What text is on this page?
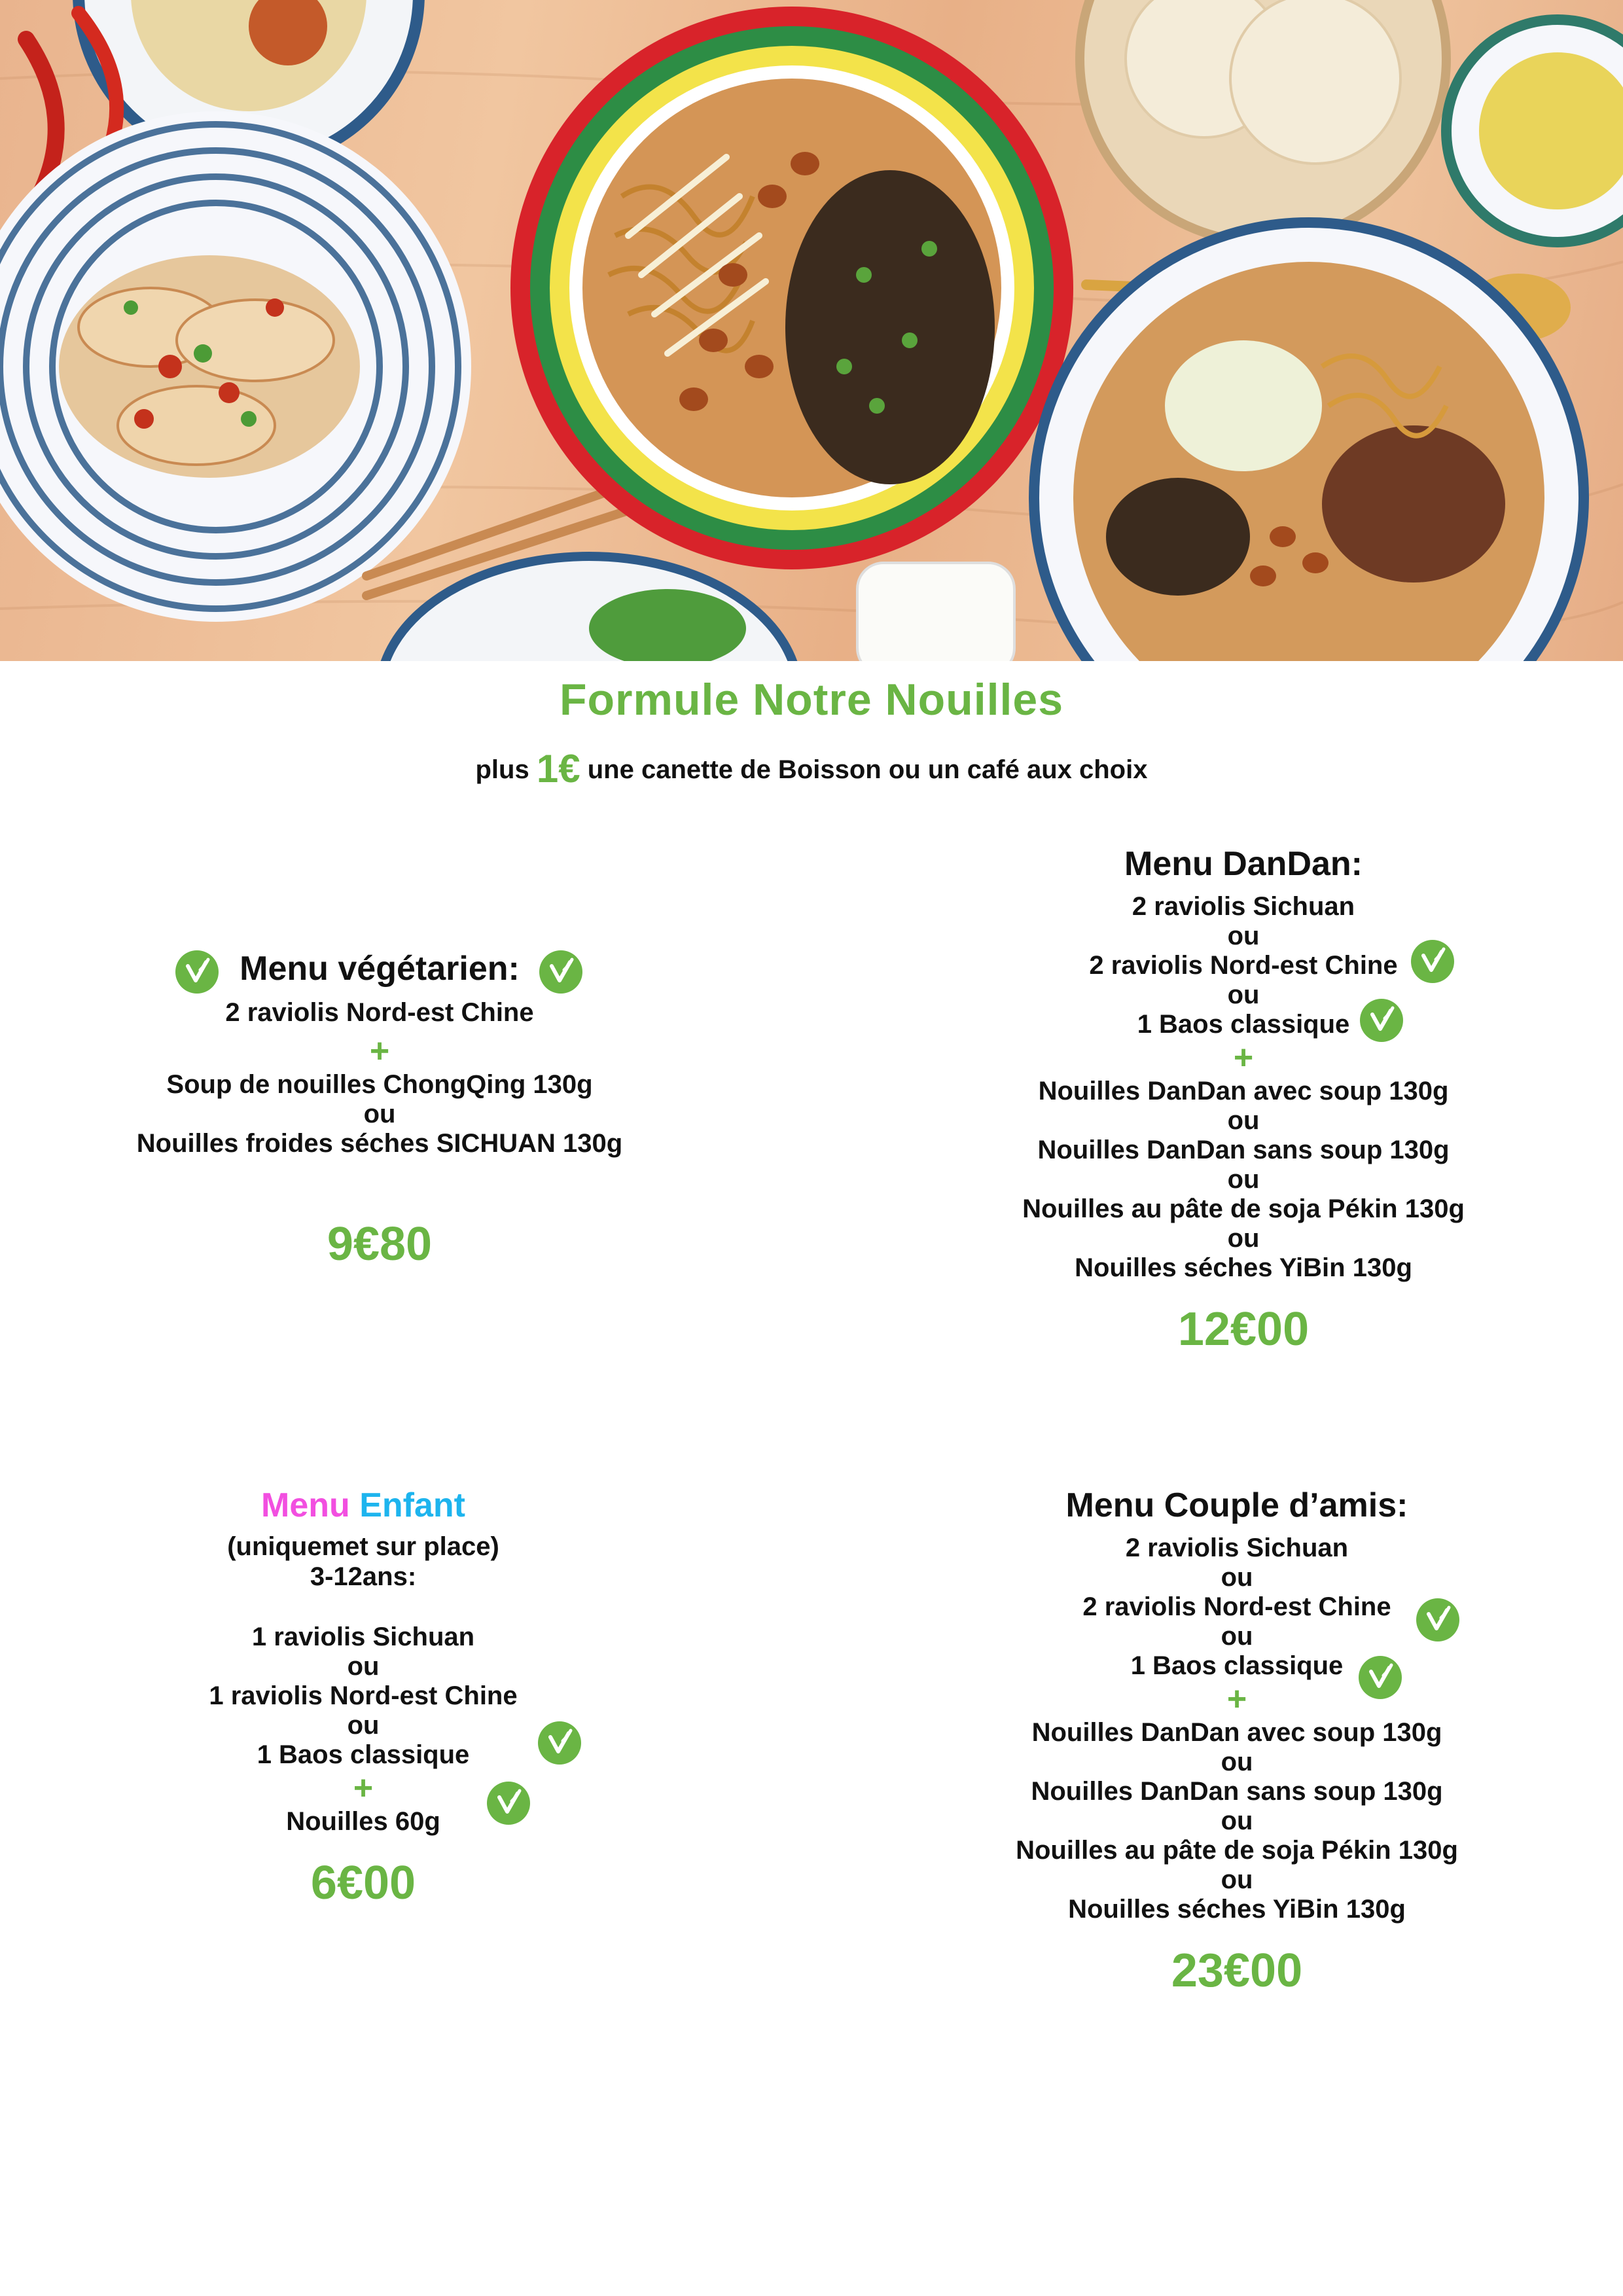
Formule Notre Nouilles
plus 1€ une canette de Boisson ou un café aux choix
Menu végétarien:
2 raviolis Nord-est Chine
+
Soup de nouilles ChongQing 130g
ou
Nouilles froides séches SICHUAN 130g
9€80
Menu DanDan:
2 raviolis Sichuan
ou
2 raviolis Nord-est Chine
ou
1 Baos classique
+
Nouilles DanDan avec soup 130g
ou
Nouilles DanDan sans soup 130g
ou
Nouilles au pâte de soja Pékin 130g
ou
Nouilles séches YiBin 130g
12€00
Menu Enfant
(uniquemet sur place)
3-12ans:
1 raviolis Sichuan
ou
1 raviolis Nord-est Chine
ou
1 Baos classique
+
Nouilles 60g
6€00
Menu Couple d’amis:
2 raviolis Sichuan
ou
2 raviolis Nord-est Chine
ou
1 Baos classique
+
Nouilles DanDan avec soup 130g
ou
Nouilles DanDan sans soup 130g
ou
Nouilles au pâte de soja Pékin 130g
ou
Nouilles séches YiBin 130g
23€00
